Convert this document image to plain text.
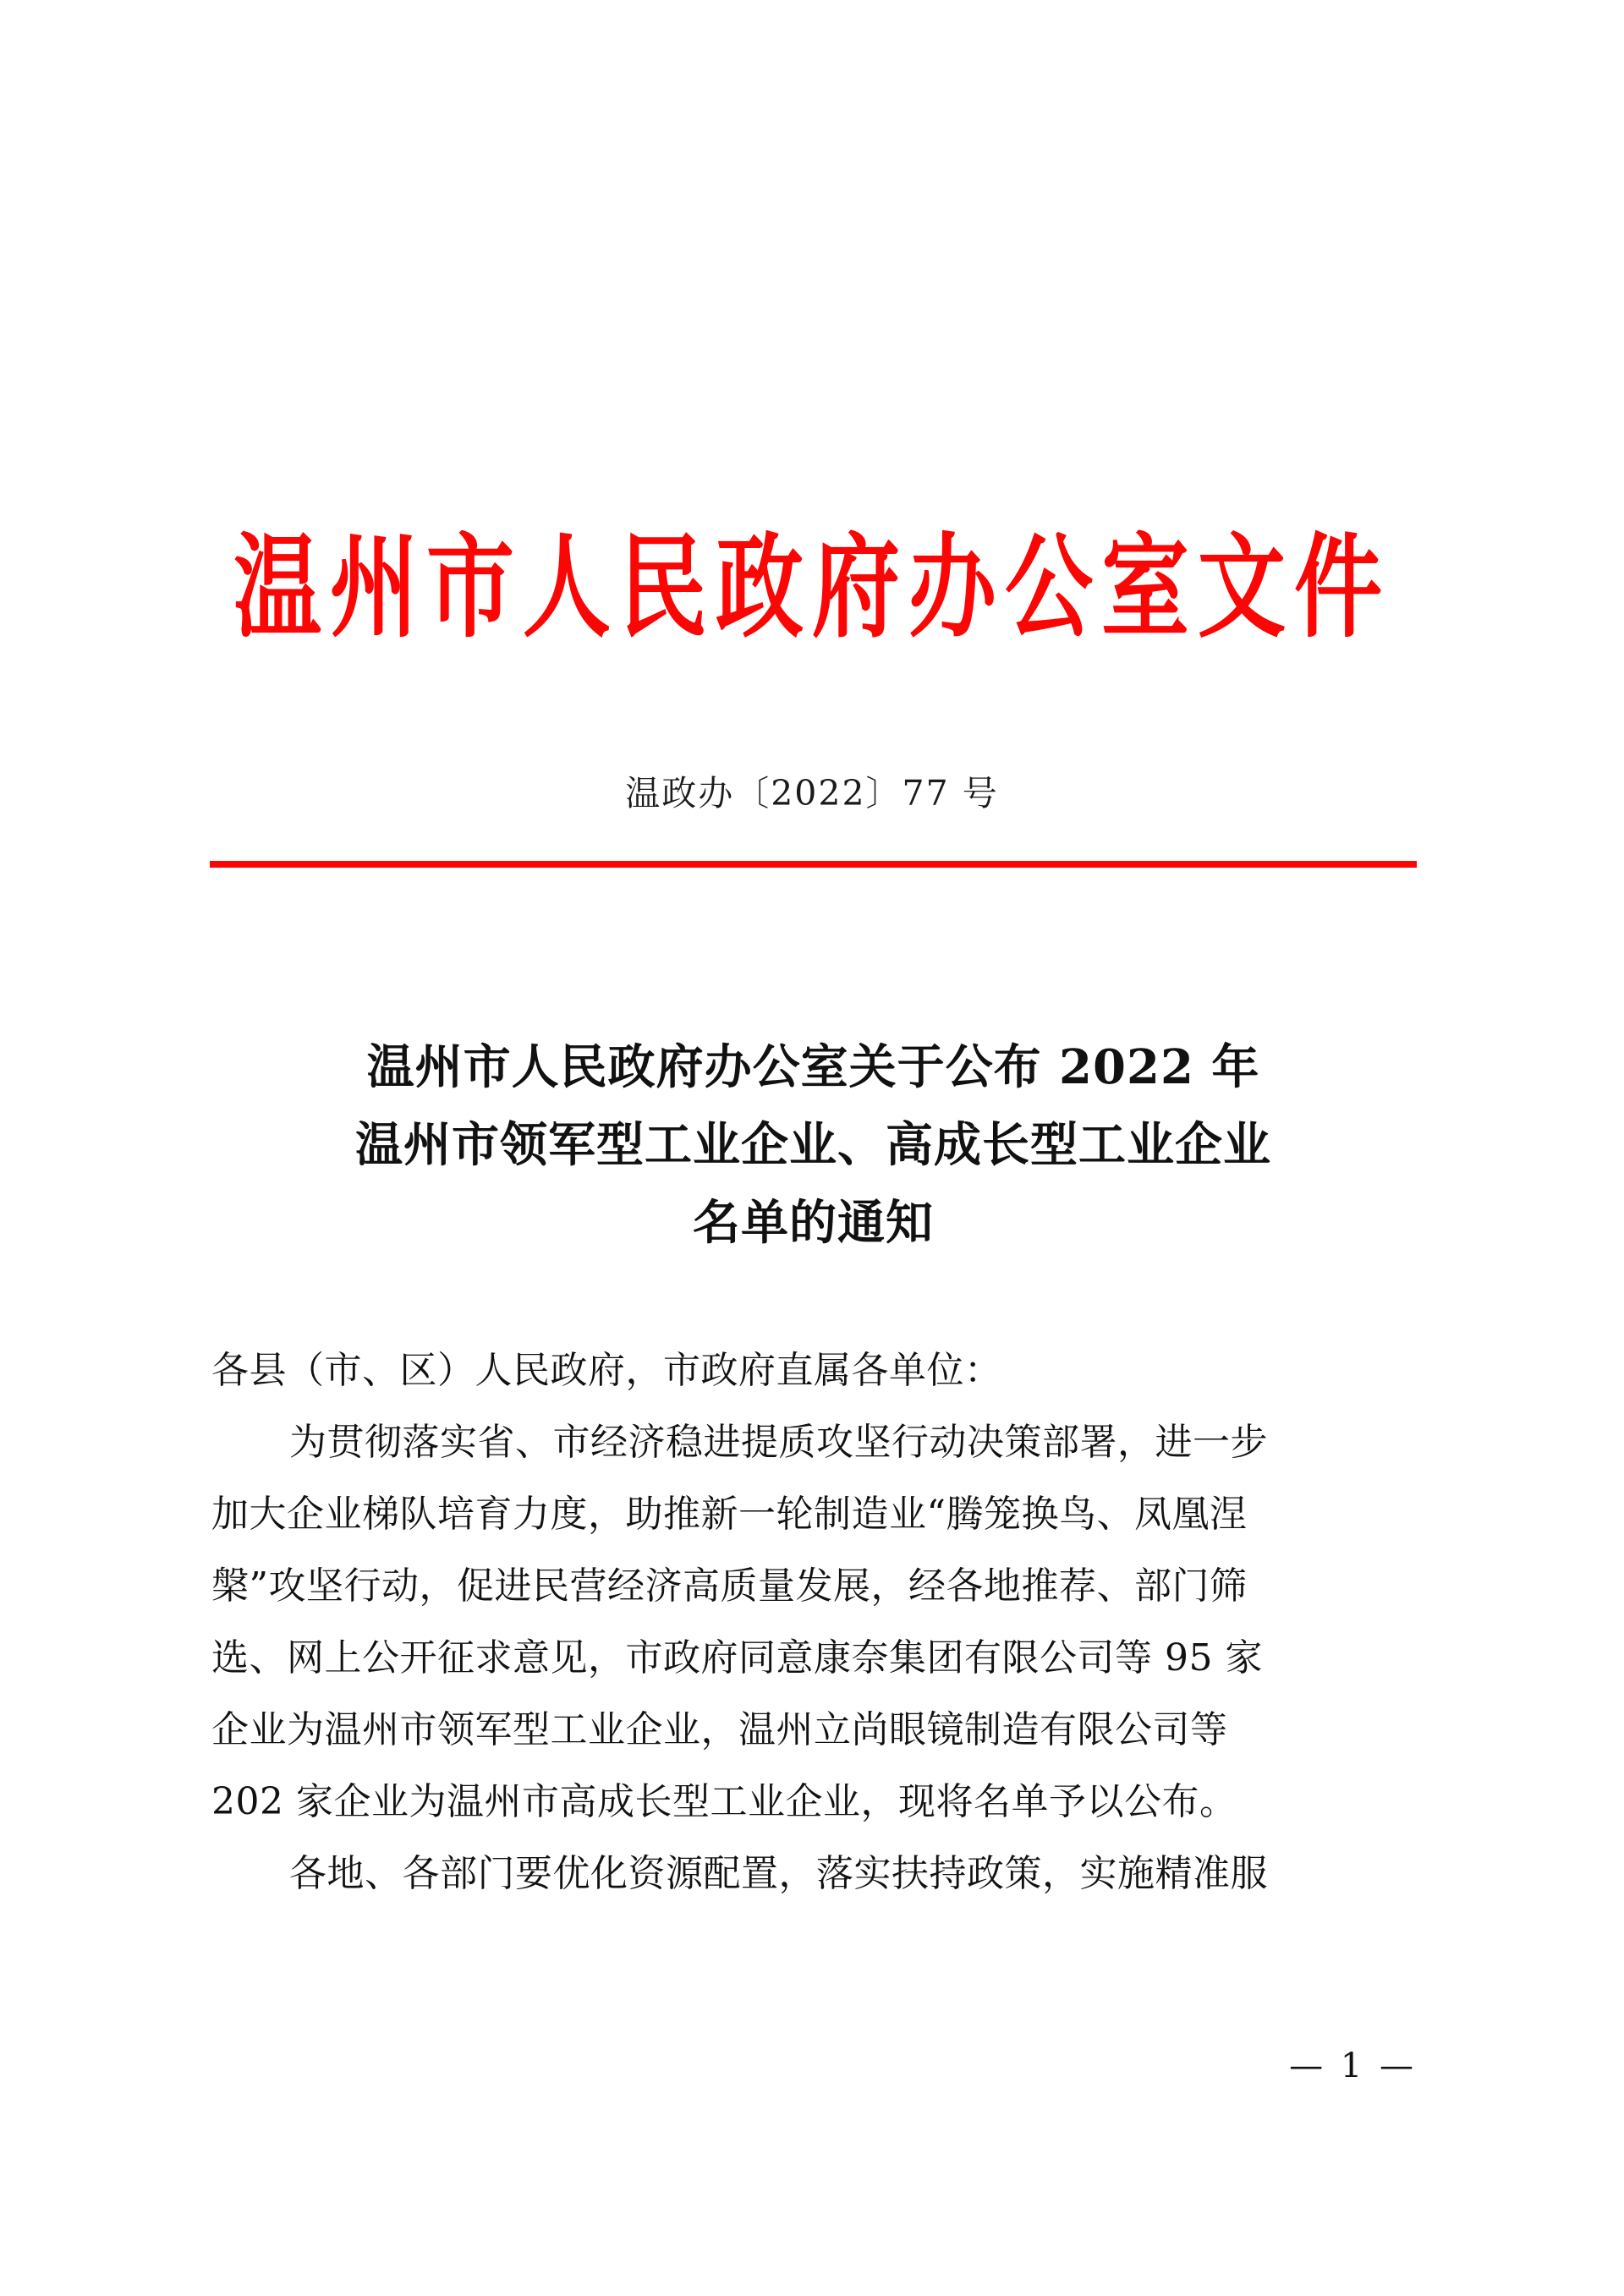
温州市人民政府办公室文件
温政办〔2022〕77 号
温州市人民政府办公室关于公布 2022 年
温州市领军型工业企业、高成长型工业企业
名单的通知
各县（市、区）人民政府，市政府直属各单位：
为贯彻落实省、市经济稳进提质攻坚行动决策部署，进一步
加大企业梯队培育力度，助推新一轮制造业“腾笼换鸟、凤凰涅
槃”攻坚行动，促进民营经济高质量发展，经各地推荐、部门筛
选、网上公开征求意见，市政府同意康奈集团有限公司等 95 家
企业为温州市领军型工业企业，温州立尚眼镜制造有限公司等
202 家企业为温州市高成长型工业企业，现将名单予以公布。
各地、各部门要优化资源配置，落实扶持政策，实施精准服
— 1 —
